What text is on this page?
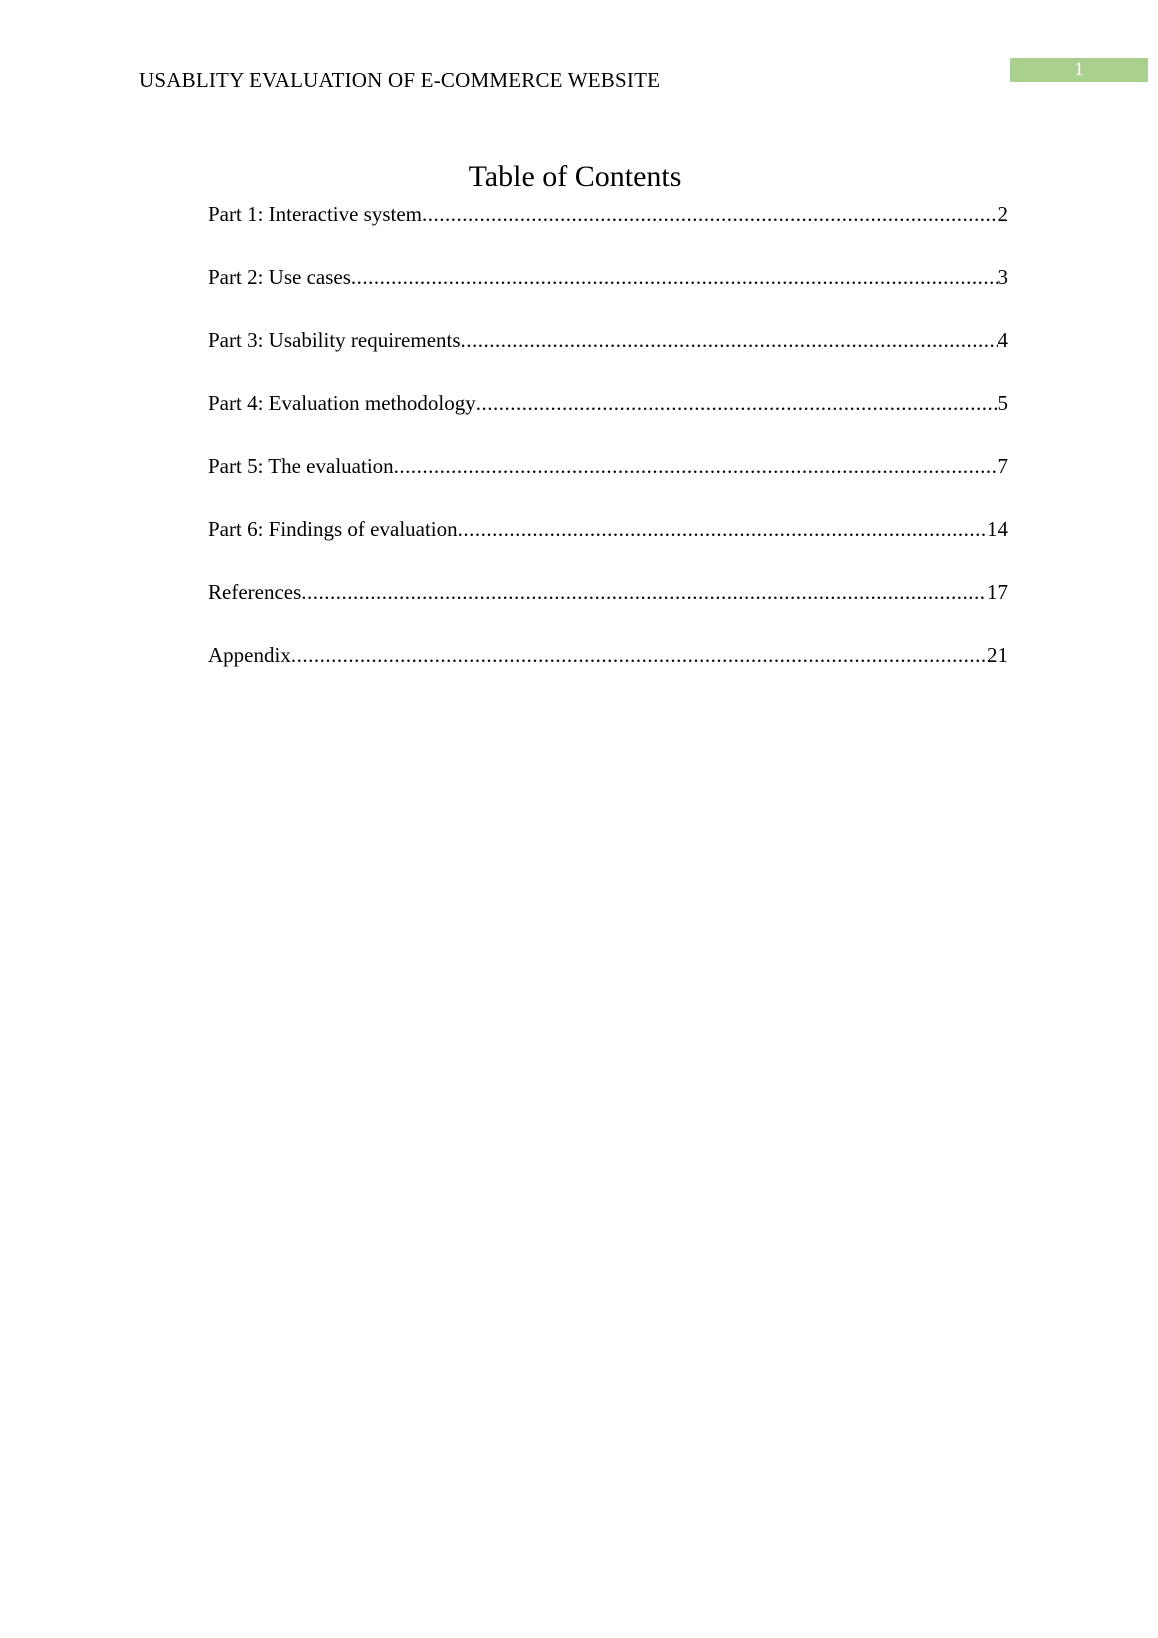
USABLITY EVALUATION OF E-COMMERCE WEBSITE	1
Table of Contents
Part 1: Interactive system .....	2
Part 2: Use cases .....	3
Part 3: Usability requirements .....	4
Part 4: Evaluation methodology .....	5
Part 5: The evaluation .....	7
Part 6: Findings of evaluation .....	14
References .....	17
Appendix .....	21
